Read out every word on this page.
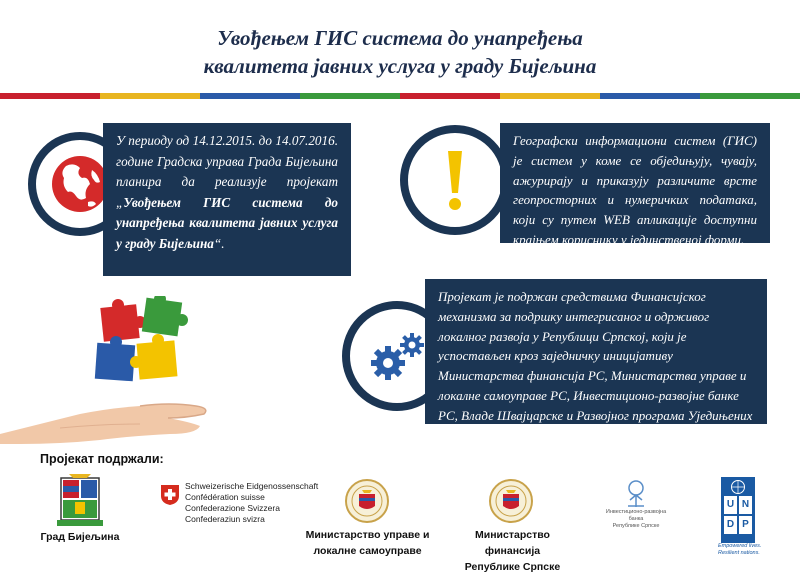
Увођењем ГИС система до унапређења
квалитета јавних услуга у граду Бијељина
У периоду од 14.12.2015. до 14.07.2016. године Градска управа Града Бијељина планира да реализује пројекат „Увођењем ГИС система до унапређења квалитета јавних услуга у граду Бијељина“.
Географски информациони систем (ГИС) је систем у коме се обједињују, чувају, ажурирају и приказују различите врсте геопросторних и нумеричких података, који су путем WEB апликације доступни крајњем кориснику у јединственој форми.
Пројекат је подржан средствима Финансијског механизма за подршку интегрисаног и одрживог локалног развоја у Републици Српској, који је успостављен кроз заједничку иницијативу Министарства финансија РС, Министарства управе и локалне самоуправе РС, Инвестиционо-развојне банке РС, Владе Швајцарске и Развојног програма Уједињених нација (UNDP) у БиХ.
Пројекат подржали:
Град Бијељина
Schweizerische Eidgenossenschaft
Confédération suisse
Confederazione Svizzera
Confederaziun svizra
Министарство управе и
локалне самоуправе
Министарство финансија
Републике Српске
Инвестиционо-развојна банка
Републике Српске
U N
D P
Empowered lives.
Resilient nations.
